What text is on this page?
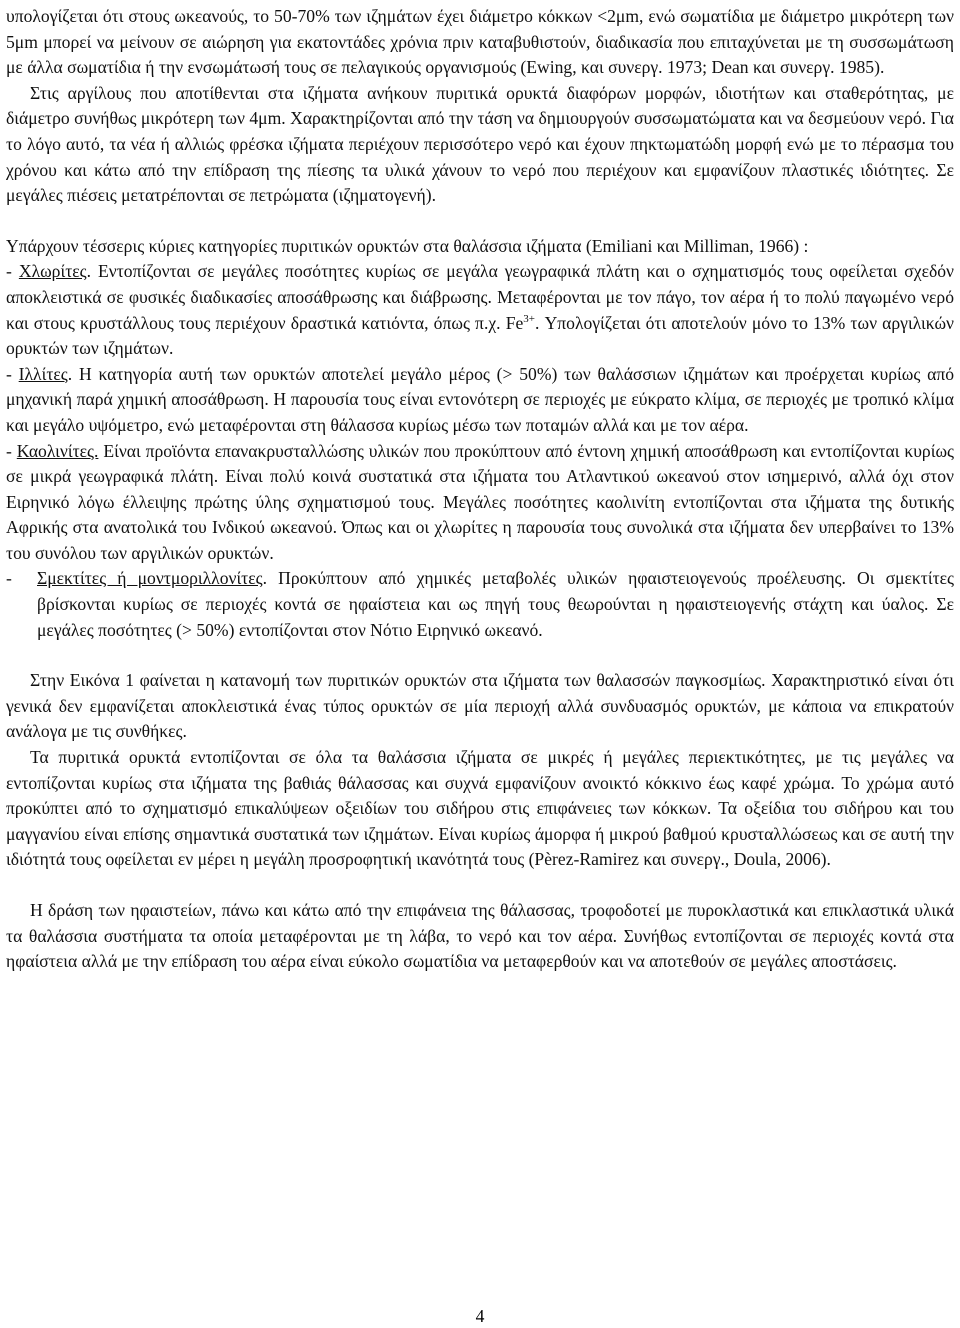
υπολογίζεται ότι στους ωκεανούς, το 50-70% των ιζημάτων έχει διάμετρο κόκκων <2μm, ενώ σωματίδια με διάμετρο μικρότερη των 5μm μπορεί να μείνουν σε αιώρηση για εκατοντάδες χρόνια πριν καταβυθιστούν, διαδικασία που επιταχύνεται με τη συσσωμάτωση με άλλα σωματίδια ή την ενσωμάτωσή τους σε πελαγικούς οργανισμούς (Ewing, και συνεργ. 1973; Dean και συνεργ. 1985).

Στις αργίλους που αποτίθενται στα ιζήματα ανήκουν πυριτικά ορυκτά διαφόρων μορφών, ιδιοτήτων και σταθερότητας, με διάμετρο συνήθως μικρότερη των 4μm. Χαρακτηρίζονται από την τάση να δημιουργούν συσσωματώματα και να δεσμεύουν νερό. Για το λόγο αυτό, τα νέα ή αλλιώς φρέσκα ιζήματα περιέχουν περισσότερο νερό και έχουν πηκτωματώδη μορφή ενώ με το πέρασμα του χρόνου και κάτω από την επίδραση της πίεσης τα υλικά χάνουν το νερό που περιέχουν και εμφανίζουν πλαστικές ιδιότητες. Σε μεγάλες πιέσεις μετατρέπονται σε πετρώματα (ιζηματογενή).

Υπάρχουν τέσσερις κύριες κατηγορίες πυριτικών ορυκτών στα θαλάσσια ιζήματα (Emiliani και Milliman, 1966) :

- Χλωρίτες. Εντοπίζονται σε μεγάλες ποσότητες κυρίως σε μεγάλα γεωγραφικά πλάτη και ο σχηματισμός τους οφείλεται σχεδόν αποκλειστικά σε φυσικές διαδικασίες αποσάθρωσης και διάβρωσης. Μεταφέρονται με τον πάγο, τον αέρα ή το πολύ παγωμένο νερό και στους κρυστάλλους τους περιέχουν δραστικά κατιόντα, όπως π.χ. $Fe^{3+}$. Υπολογίζεται ότι αποτελούν μόνο το 13% των αργιλικών ορυκτών των ιζημάτων.
- Ιλλίτες. Η κατηγορία αυτή των ορυκτών αποτελεί μεγάλο μέρος (> 50%) των θαλάσσιων ιζημάτων και προέρχεται κυρίως από μηχανική παρά χημική αποσάθρωση. Η παρουσία τους είναι εντονότερη σε περιοχές με εύκρατο κλίμα, σε περιοχές με τροπικό κλίμα και μεγάλο υψόμετρο, ενώ μεταφέρονται στη θάλασσα κυρίως μέσω των ποταμών αλλά και με τον αέρα.
- Καολινίτες. Είναι προϊόντα επανακρυσταλλώσης υλικών που προκύπτουν από έντονη χημική αποσάθρωση και εντοπίζονται κυρίως σε μικρά γεωγραφικά πλάτη. Είναι πολύ κοινά συστατικά στα ιζήματα του Ατλαντικού ωκεανού στον ισημερινό, αλλά όχι στον Ειρηνικό λόγω έλλειψης πρώτης ύλης σχηματισμού τους. Μεγάλες ποσότητες καολινίτη εντοπίζονται στα ιζήματα της δυτικής Αφρικής στα ανατολικά του Ινδικού ωκεανού. Όπως και οι χλωρίτες η παρουσία τους συνολικά στα ιζήματα δεν υπερβαίνει το 13% του συνόλου των αργιλικών ορυκτών.
-	Σμεκτίτες ή μοντμοριλλονίτες. Προκύπτουν από χημικές μεταβολές υλικών ηφαιστειογενούς προέλευσης. Οι σμεκτίτες βρίσκονται κυρίως σε περιοχές κοντά σε ηφαίστεια και ως πηγή τους θεωρούνται η ηφαιστειογενής στάχτη και ύαλος. Σε μεγάλες ποσότητες (> 50%) εντοπίζονται στον Νότιο Ειρηνικό ωκεανό.

Στην Εικόνα 1 φαίνεται η κατανομή των πυριτικών ορυκτών στα ιζήματα των θαλασσών παγκοσμίως. Χαρακτηριστικό είναι ότι γενικά δεν εμφανίζεται αποκλειστικά ένας τύπος ορυκτών σε μία περιοχή αλλά συνδυασμός ορυκτών, με κάποια να επικρατούν ανάλογα με τις συνθήκες.

Τα πυριτικά ορυκτά εντοπίζονται σε όλα τα θαλάσσια ιζήματα σε μικρές ή μεγάλες περιεκτικότητες, με τις μεγάλες να εντοπίζονται κυρίως στα ιζήματα της βαθιάς θάλασσας και συχνά εμφανίζουν ανοικτό κόκκινο έως καφέ χρώμα. Το χρώμα αυτό προκύπτει από το σχηματισμό επικαλύψεων οξειδίων του σιδήρου στις επιφάνειες των κόκκων. Τα οξείδια του σιδήρου και του μαγγανίου είναι επίσης σημαντικά συστατικά των ιζημάτων. Είναι κυρίως άμορφα ή μικρού βαθμού κρυσταλλώσεως και σε αυτή την ιδιότητά τους οφείλεται εν μέρει η μεγάλη προσροφητική ικανότητά τους (Pèrez-Ramirez και συνεργ., Doula, 2006).

Η δράση των ηφαιστείων, πάνω και κάτω από την επιφάνεια της θάλασσας, τροφοδοτεί με πυροκλαστικά και επικλαστικά υλικά τα θαλάσσια συστήματα τα οποία μεταφέρονται με τη λάβα, το νερό και τον αέρα. Συνήθως εντοπίζονται σε περιοχές κοντά στα ηφαίστεια αλλά με την επίδραση του αέρα είναι εύκολο σωματίδια να μεταφερθούν και να αποτεθούν σε μεγάλες αποστάσεις.

4
